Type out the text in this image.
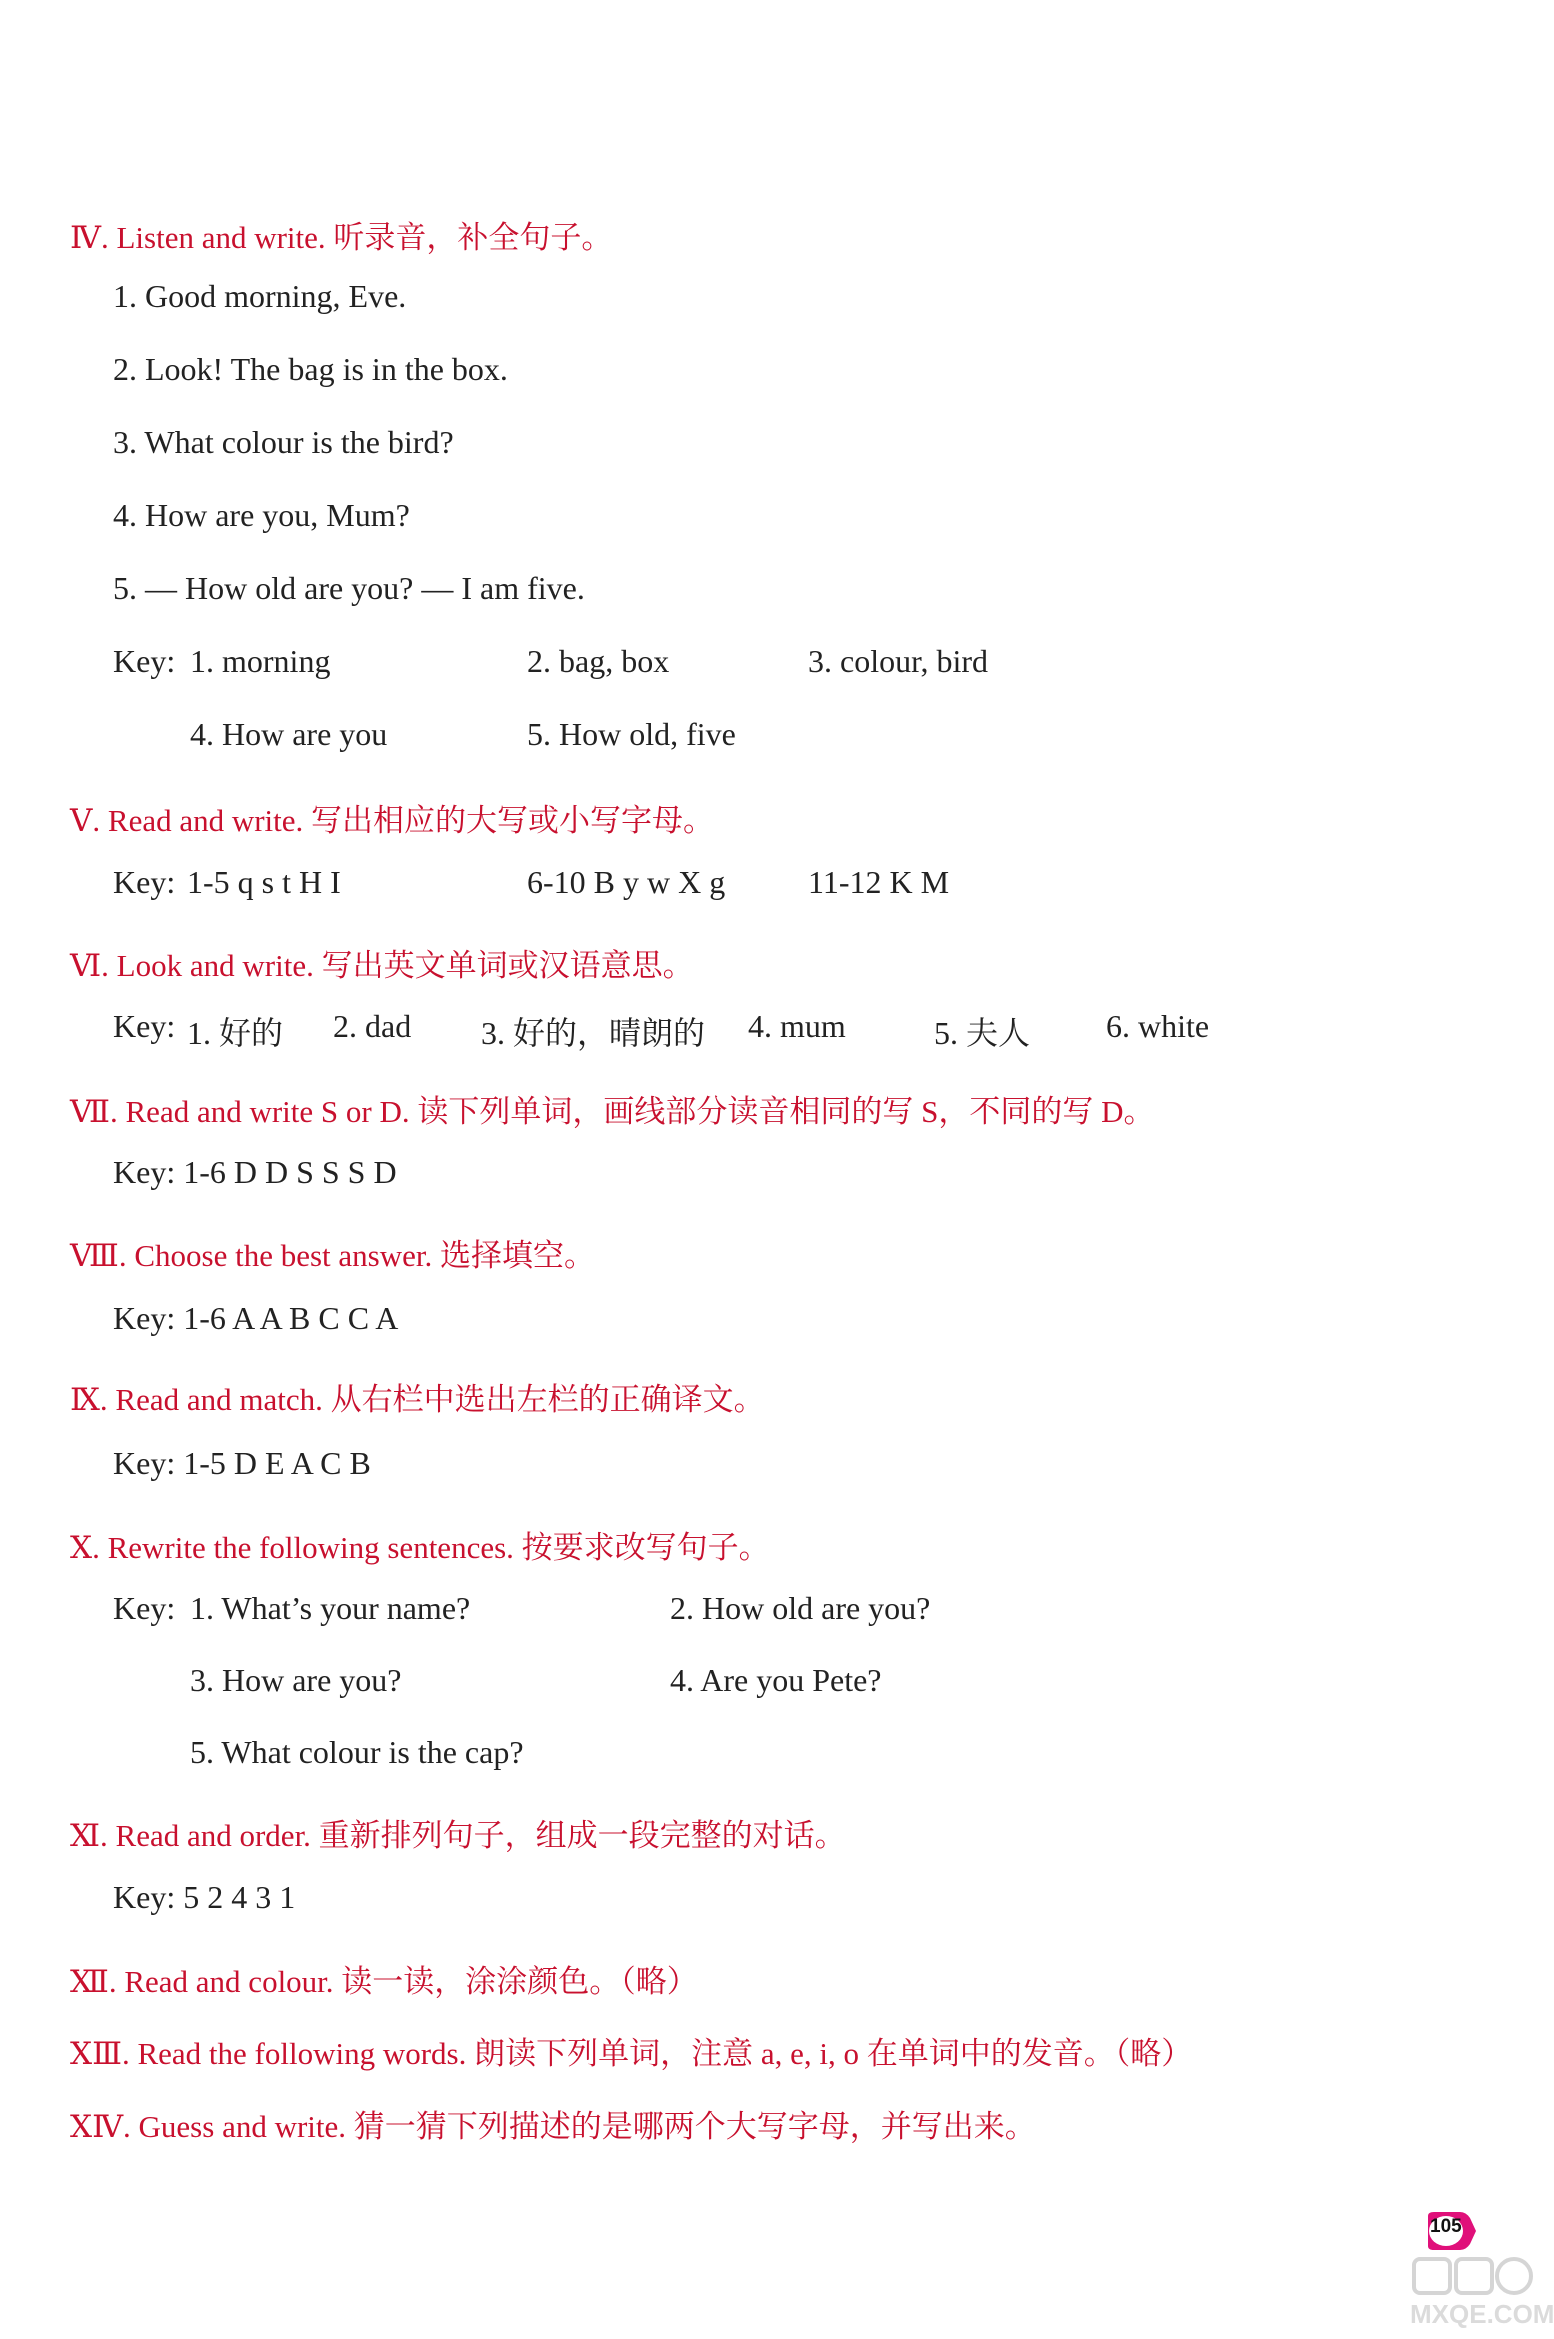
Ⅳ. Listen and write. 听录音，补全句子。
1. Good morning, Eve.
2. Look! The bag is in the box.
3. What colour is the bird?
4. How are you, Mum?
5. — How old are you? — I am five.
Key: 1. morning	2. bag, box	3. colour, bird
4. How are you	5. How old, five
Ⅴ. Read and write. 写出相应的大写或小写字母。
Key: 1-5 q s t H I	6-10 B y w X g	11-12 K M
Ⅵ. Look and write. 写出英文单词或汉语意思。
Key: 1. 好的 2. dad 3. 好的，晴朗的 4. mum	5. 夫人 6. white
Ⅶ. Read and write S or D. 读下列单词，画线部分读音相同的写 S，不同的写 D。
Key: 1-6 D D S S S D
Ⅷ. Choose the best answer. 选择填空。
Key: 1-6 A A B C C A
Ⅸ. Read and match. 从右栏中选出左栏的正确译文。
Key: 1-5 D E A C B
Ⅹ. Rewrite the following sentences. 按要求改写句子。
Key: 1. What’s your name?	2. How old are you?
3. How are you?	4. Are you Pete?
5. What colour is the cap?
Ⅺ. Read and order. 重新排列句子，组成一段完整的对话。
Key: 5 2 4 3 1
Ⅻ. Read and colour. 读一读，涂涂颜色。（略）
ⅩⅢ. Read the following words. 朗读下列单词，注意 a, e, i, o 在单词中的发音。（略）
ⅩⅣ. Guess and write. 猜一猜下列描述的是哪两个大写字母，并写出来。
105
MXQE.COM
